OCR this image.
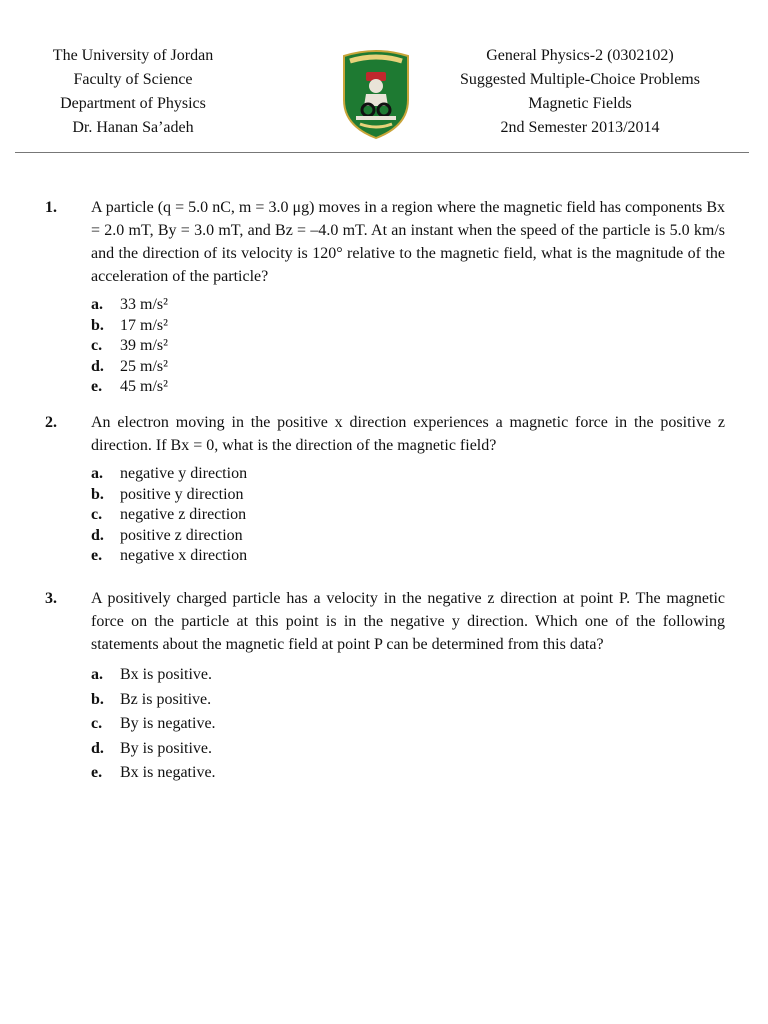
The University of Jordan
Faculty of Science
Department of Physics
Dr. Hanan Sa’adeh
General Physics-2 (0302102)
Suggested Multiple-Choice Problems
Magnetic Fields
2nd Semester 2013/2014
1. A particle (q = 5.0 nC, m = 3.0 μg) moves in a region where the magnetic field has components Bx = 2.0 mT, By = 3.0 mT, and Bz = –4.0 mT. At an instant when the speed of the particle is 5.0 km/s and the direction of its velocity is 120° relative to the magnetic field, what is the magnitude of the acceleration of the particle?
a. 33 m/s²
b. 17 m/s²
c. 39 m/s²
d. 25 m/s²
e. 45 m/s²
2. An electron moving in the positive x direction experiences a magnetic force in the positive z direction. If Bx = 0, what is the direction of the magnetic field?
a. negative y direction
b. positive y direction
c. negative z direction
d. positive z direction
e. negative x direction
3. A positively charged particle has a velocity in the negative z direction at point P. The magnetic force on the particle at this point is in the negative y direction. Which one of the following statements about the magnetic field at point P can be determined from this data?
a. Bx is positive.
b. Bz is positive.
c. By is negative.
d. By is positive.
e. Bx is negative.
